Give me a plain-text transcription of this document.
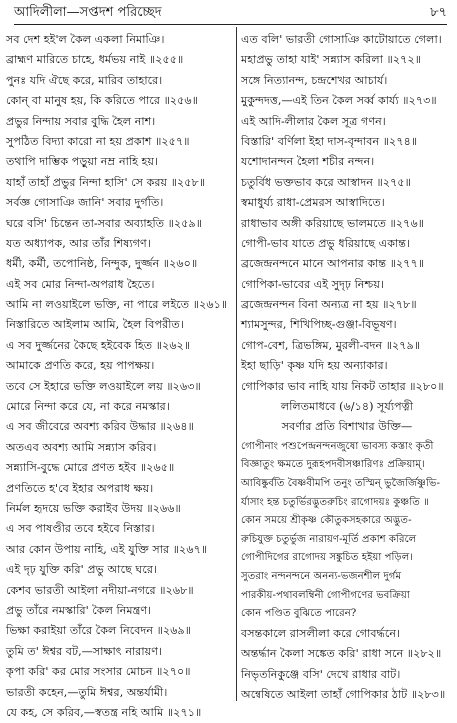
আদিলীলা—সপ্তদশ পরিচ্ছেদ	৮৭
সব দেশ হই'ল কৈল একলা নিমাঞি।
ব্রাহ্মণ মারিতে চাহে, ধর্মভয় নাই ॥২৫৫॥
পুনঃ যদি ঐছে করে, মারিব তাহারে।
কোন্‌ বা মানুষ হয়, কি করিতে পারে ॥২৫৬॥
প্রভুর নিন্দায় সবার বুদ্ধি হৈল নাশ।
সুপঠিত বিদ্যা কারো না হয় প্রকাশ ॥২৫৭॥
তথাপি দাম্ভিক পড়ুয়া নম্র নাহি হয়।
যাহাঁ তাহাঁ প্রভুর নিন্দা হাসি' সে করয় ॥২৫৮॥
সর্বজ্ঞ গোসাঞি জানি' সবার দুর্গতি।
ঘরে বসি' চিন্তেন তা-সবার অব্যাহতি ॥২৫৯॥
যত অধ্যাপক, আর তাঁর শিষ্যগণ।
ধর্মী, কর্মী, তপোনিষ্ঠ, নিন্দুক, দুর্জ্জন ॥২৬০॥
এই সব মোর নিন্দা-অপরাধ হৈতে।
আমি না লওয়াইলে ভক্তি, না পারে লইতে ॥২৬১॥
নিস্তারিতে আইলাম আমি, হৈল বিপরীত।
এ সব দুর্জ্জনের কৈছে হইবেক হিত ॥২৬২॥
আমাকে প্রণতি করে, হয় পাপক্ষয়।
তবে সে ইহারে ভক্তি লওয়াইলে লয় ॥২৬৩॥
মোরে নিন্দা করে যে, না করে নমস্কার।
এ সব জীবেরে অবশ্য করিব উদ্ধার ॥২৬৪॥
অতএব অবশ্য আমি সন্ন্যাস করিব।
সন্ন্যাসি-বুদ্ধে মোরে প্রণত হইব ॥২৬৫॥
প্রণতিতে হ'বে ইহার অপরাধ ক্ষয়।
নির্মল হৃদয়ে ভক্তি করাইব উদয় ॥২৬৬॥
এ সব পাষণ্ডীর তবে হইবে নিস্তার।
আর কোন উপায় নাহি, এই যুক্তি সার ॥২৬৭॥
এই দৃঢ় যুক্তি করি' প্রভু আছে ঘরে।
কেশব ভারতী আইলা নদীয়া-নগরে ॥২৬৮॥
প্রভু তাঁরে নমস্কারি' কৈল নিমন্ত্রণ।
ভিক্ষা করাইয়া তাঁরে কৈল নিবেদন ॥২৬৯॥
তুমি ত' ঈশ্বর বট,—সাক্ষাৎ নারায়ণ।
কৃপা করি' কর মোর সংসার মোচন ॥২৭০॥
ভারতী কহেন,—তুমি ঈশ্বর, অন্তর্যামী।
যে কহ, সে করিব,—স্বতন্ত্র নহি আমি ॥২৭১॥
এত বলি' ভারতী গোসাঞি কাটোয়াতে গেলা।
মহাপ্রভু তাহা যাই' সন্ন্যাস করিলা ॥২৭২॥
সঙ্গে নিত্যানন্দ, চন্দ্রশেখর আচার্য।
মুকুন্দদত্ত,—এই তিন কৈল সর্ব্ব কার্য্য ॥২৭৩॥
এই আদি-লীলার কৈল সূত্র গণন।
বিস্তারি' বর্ণিলা ইহা দাস-বৃন্দাবন ॥২৭৪॥
যশোদানন্দন হৈলা শচীর নন্দন।
চতুর্বিধ ভক্তভাব করে আস্বাদন ॥২৭৫॥
স্বমাধুর্য্য রাধা-প্রেমরস আস্বাদিতে।
রাধাভাব অঙ্গী করিয়াছে ভালমতে ॥২৭৬॥
গোপী-ভাব যাতে প্রভু ধরিয়াছে একান্ত।
ব্রজেন্দ্রনন্দনে মানে আপনার কান্ত ॥২৭৭॥
গোপিকা-ভাবের এই সুদৃঢ় নিশ্চয়।
ব্রজেন্দ্রনন্দন বিনা অন্যত্র না হয় ॥২৭৮॥
শ্যামসুন্দর, শিখিপিচ্ছ-গুঞ্জা-বিভূষণ।
গোপ-বেশ, ত্রিভঙ্গিম, মুরলী-বদন ॥২৭৯॥
ইহা ছাড়ি' কৃষ্ণ যদি হয় অন্যাকার।
গোপিকার ভাব নাহি যায় নিকট তাহার ॥২৮০॥
ললিতমাধবে (৬/১৪) সূর্য্যপত্নী
সবর্ণার প্রতি বিশাখার উক্তি—
গোপীনাং পশুপেন্দ্রনন্দনজুষো ভাবস্য কস্তাং কৃতী
বিজ্ঞাতুং ক্ষমতে দুরূহপদবীসঞ্চারিণঃ প্রক্রিয়াম্‌।
আবিষ্কুর্বতি বৈষ্ণবীমপি তনুং তস্মিন্‌ ভুজৈর্জিষ্ণুভি-
র্যাসাং হন্ত চতুর্ভিরদ্ভুতরুচিং রাগোদয়ঃ কুঞ্চতি ॥
কোন সময়ে শ্রীকৃষ্ণ কৌতুকসহকারে অদ্ভুত-
রুচিযুক্ত চতুর্ভুজ নারায়ণ-মূর্তি প্রকাশ করিলে
গোপীদিগের রাগোদয় সঙ্কুচিত হইয়া পড়িল।
সুতরাং নন্দনন্দনে অনন্য-ভজনশীল দুর্গম
পারকীয়-পথাবলম্বিনী গোপীগণের ভবক্রিয়া
কোন পণ্ডিত বুঝিতে পারেন?
বসন্তকালে রাসলীলা করে গোবর্দ্ধনে।
অন্তর্দ্ধান কৈলা সঙ্কেত করি' রাধা সনে ॥২৮২॥
নিভৃতনিকুঞ্জে বসি' দেখে রাধার বাট।
অন্বেষিতে আইলা তাহাঁ গোপিকার ঠাট ॥২৮৩॥
